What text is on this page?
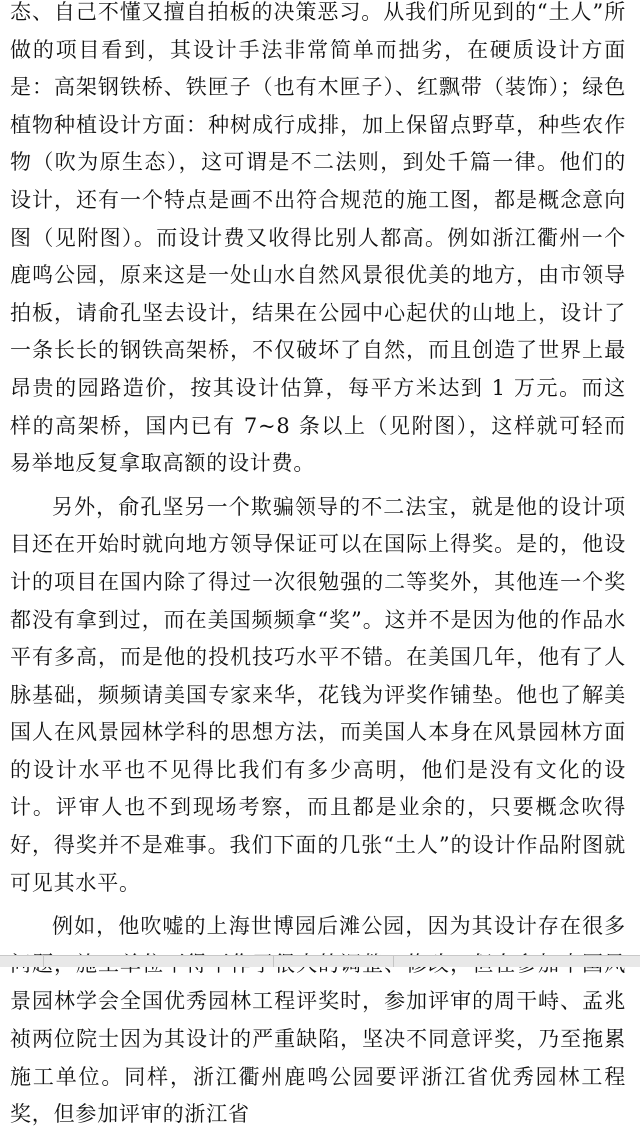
态、自己不懂又擅自拍板的决策恶习。从我们所见到的“土人”所做的项目看到，其设计手法非常简单而拙劣，在硬质设计方面是：高架钢铁桥、铁匣子（也有木匣子）、红飘带（装饰）；绿色植物种植设计方面：种树成行成排，加上保留点野草，种些农作物（吹为原生态），这可谓是不二法则，到处千篇一律。他们的设计，还有一个特点是画不出符合规范的施工图，都是概念意向图（见附图）。而设计费又收得比别人都高。例如浙江衢州一个鹿鸣公园，原来这是一处山水自然风景很优美的地方，由市领导拍板，请俞孔坚去设计，结果在公园中心起伏的山地上，设计了一条长长的钢铁高架桥，不仅破坏了自然，而且创造了世界上最昂贵的园路造价，按其设计估算，每平方米达到 1 万元。而这样的高架桥，国内已有 7~8 条以上（见附图），这样就可轻而易举地反复拿取高额的设计费。

另外，俞孔坚另一个欺骗领导的不二法宝，就是他的设计项目还在开始时就向地方领导保证可以在国际上得奖。是的，他设计的项目在国内除了得过一次很勉强的二等奖外，其他连一个奖都没有拿到过，而在美国频频拿“奖”。这并不是因为他的作品水平有多高，而是他的投机技巧水平不错。在美国几年，他有了人脉基础，频频请美国专家来华，花钱为评奖作铺垫。他也了解美国人在风景园林学科的思想方法，而美国人本身在风景园林方面的设计水平也不见得比我们有多少高明，他们是没有文化的设计。评审人也不到现场考察，而且都是业余的，只要概念吹得好，得奖并不是难事。我们下面的几张“土人”的设计作品附图就可见其水平。

例如，他吹嘘的上海世博园后滩公园，因为其设计存在很多 景园林学会全国优秀园林工程评奖时，参加评审的周干峙、孟兆祯两位院士因为其设计的严重缺陷，坚决不同意评奖，乃至拖累施工单位。同样，浙江衢州鹿鸣公园要评浙江省优秀园林工程奖，但参加评审的浙江省
